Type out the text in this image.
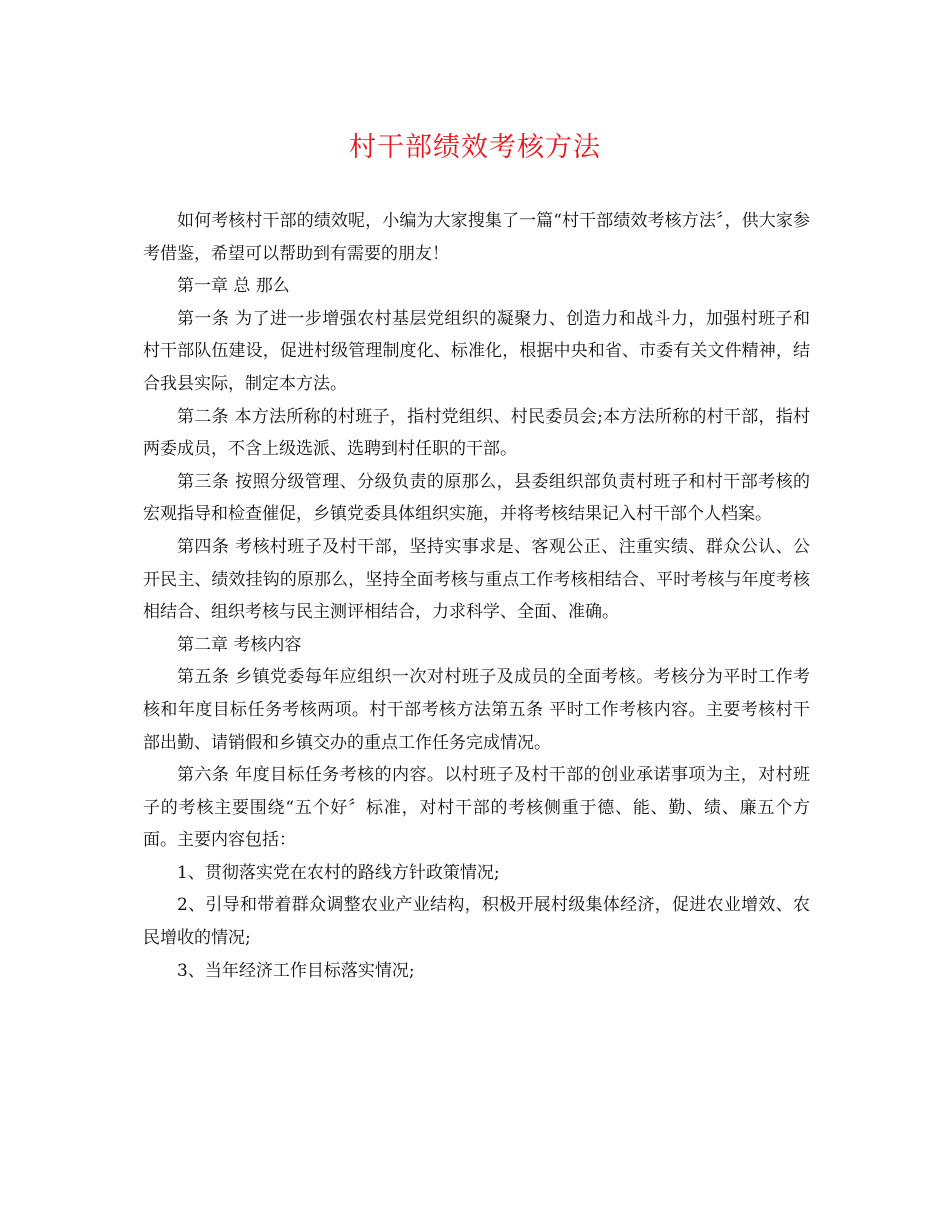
村干部绩效考核方法

如何考核村干部的绩效呢，小编为大家搜集了一篇“村干部绩效考核方法〞，供大家参考借鉴，希望可以帮助到有需要的朋友！

第一章 总 那么

第一条 为了进一步增强农村基层党组织的凝聚力、创造力和战斗力，加强村班子和村干部队伍建设，促进村级管理制度化、标准化，根据中央和省、市委有关文件精神，结合我县实际，制定本方法。

第二条 本方法所称的村班子，指村党组织、村民委员会;本方法所称的村干部，指村两委成员，不含上级选派、选聘到村任职的干部。

第三条 按照分级管理、分级负责的原那么，县委组织部负责村班子和村干部考核的宏观指导和检查催促，乡镇党委具体组织实施，并将考核结果记入村干部个人档案。

第四条 考核村班子及村干部，坚持实事求是、客观公正、注重实绩、群众公认、公开民主、绩效挂钩的原那么，坚持全面考核与重点工作考核相结合、平时考核与年度考核相结合、组织考核与民主测评相结合，力求科学、全面、准确。

第二章 考核内容

第五条 乡镇党委每年应组织一次对村班子及成员的全面考核。考核分为平时工作考核和年度目标任务考核两项。村干部考核方法第五条 平时工作考核内容。主要考核村干部出勤、请销假和乡镇交办的重点工作任务完成情况。

第六条 年度目标任务考核的内容。以村班子及村干部的创业承诺事项为主，对村班子的考核主要围绕“五个好〞标准，对村干部的考核侧重于德、能、勤、绩、廉五个方面。主要内容包括：

1、贯彻落实党在农村的路线方针政策情况;

2、引导和带着群众调整农业产业结构，积极开展村级集体经济，促进农业增效、农民增收的情况;

3、当年经济工作目标落实情况;
